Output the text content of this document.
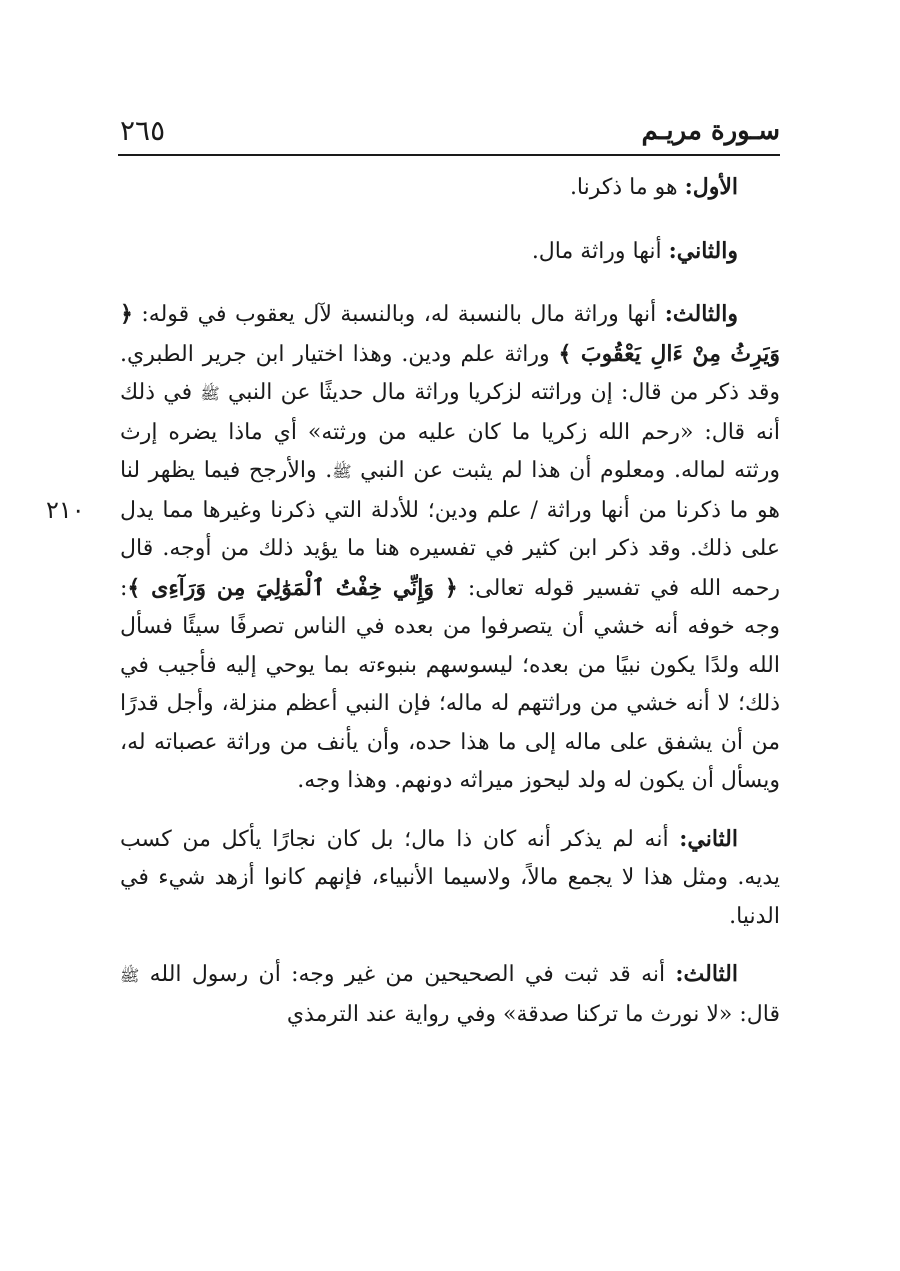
سـورة مريـم
٢٦٥
٢١٠

الأول: هو ما ذكرنا.

والثاني: أنها وراثة مال.

والثالث: أنها وراثة مال بالنسبة له، وبالنسبة لآل يعقوب في قوله: ﴿ وَيَرِثُ مِنْ ءَالِ يَعْقُوبَ ﴾ وراثة علم ودين. وهذا اختيار ابن جرير الطبري. وقد ذكر من قال: إن وراثته لزكريا وراثة مال حديثًا عن النبي ﷺ في ذلك أنه قال: «رحم الله زكريا ما كان عليه من ورثته» أي ماذا يضره إرث ورثته لماله. ومعلوم أن هذا لم يثبت عن النبي ﷺ. والأرجح فيما يظهر لنا هو ما ذكرنا من أنها وراثة / علم ودين؛ للأدلة التي ذكرنا وغيرها مما يدل على ذلك. وقد ذكر ابن كثير في تفسيره هنا ما يؤيد ذلك من أوجه. قال رحمه الله في تفسير قوله تعالى: ﴿ وَإِنِّي خِفْتُ ٱلْمَوَٰلِيَ مِن وَرَآءِى ﴾: وجه خوفه أنه خشي أن يتصرفوا من بعده في الناس تصرفًا سيئًا فسأل الله ولدًا يكون نبيًا من بعده؛ ليسوسهم بنبوءته بما يوحي إليه فأجيب في ذلك؛ لا أنه خشي من وراثتهم له ماله؛ فإن النبي أعظم منزلة، وأجل قدرًا من أن يشفق على ماله إلى ما هذا حده، وأن يأنف من وراثة عصباته له، ويسأل أن يكون له ولد ليحوز ميراثه دونهم. وهذا وجه.

الثاني: أنه لم يذكر أنه كان ذا مال؛ بل كان نجارًا يأكل من كسب يديه. ومثل هذا لا يجمع مالاً، ولاسيما الأنبياء، فإنهم كانوا أزهد شيء في الدنيا.

الثالث: أنه قد ثبت في الصحيحين من غير وجه: أن رسول الله ﷺ قال: «لا نورث ما تركنا صدقة» وفي رواية عند الترمذي
